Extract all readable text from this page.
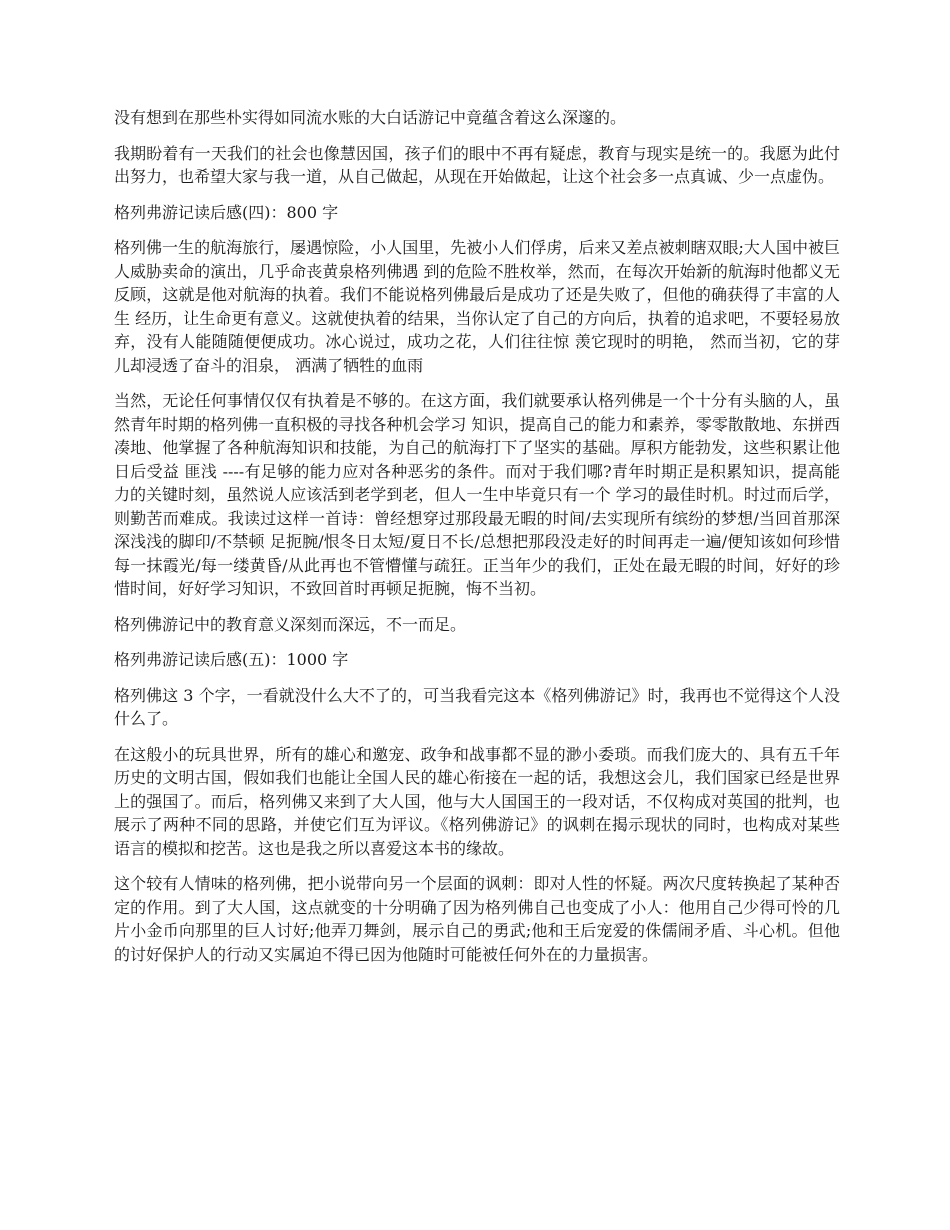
没有想到在那些朴实得如同流水账的大白话游记中竟蕴含着这么深邃的。

我期盼着有一天我们的社会也像慧因国，孩子们的眼中不再有疑虑，教育与现实是统一的。我愿为此付出努力，也希望大家与我一道，从自己做起，从现在开始做起，让这个社会多一点真诚、少一点虚伪。

格列弗游记读后感(四)：800 字

格列佛一生的航海旅行，屡遇惊险，小人国里，先被小人们俘虏，后来又差点被刺瞎双眼;大人国中被巨人威胁卖命的演出，几乎命丧黄泉格列佛遇 到的危险不胜枚举，然而，在每次开始新的航海时他都义无反顾，这就是他对航海的执着。我们不能说格列佛最后是成功了还是失败了，但他的确获得了丰富的人生 经历，让生命更有意义。这就使执着的结果，当你认定了自己的方向后，执着的追求吧，不要轻易放弃，没有人能随随便便成功。冰心说过，成功之花，人们往往惊 羡它现时的明艳， 然而当初，它的芽儿却浸透了奋斗的泪泉， 洒满了牺牲的血雨

当然，无论任何事情仅仅有执着是不够的。在这方面，我们就要承认格列佛是一个十分有头脑的人，虽然青年时期的格列佛一直积极的寻找各种机会学习 知识，提高自己的能力和素养，零零散散地、东拼西凑地、他掌握了各种航海知识和技能，为自己的航海打下了坚实的基础。厚积方能勃发，这些积累让他日后受益 匪浅 ----有足够的能力应对各种恶劣的条件。而对于我们哪?青年时期正是积累知识，提高能力的关键时刻，虽然说人应该活到老学到老，但人一生中毕竟只有一个 学习的最佳时机。时过而后学，则勤苦而难成。我读过这样一首诗：曾经想穿过那段最无暇的时间/去实现所有缤纷的梦想/当回首那深深浅浅的脚印/不禁顿 足扼腕/恨冬日太短/夏日不长/总想把那段没走好的时间再走一遍/便知该如何珍惜每一抹霞光/每一缕黄昏/从此再也不管懵懂与疏狂。正当年少的我们，正处在最无暇的时间，好好的珍惜时间，好好学习知识，不致回首时再顿足扼腕，悔不当初。

格列佛游记中的教育意义深刻而深远，不一而足。

格列弗游记读后感(五)：1000 字

格列佛这 3 个字，一看就没什么大不了的，可当我看完这本《格列佛游记》时，我再也不觉得这个人没什么了。

在这般小的玩具世界，所有的雄心和邀宠、政争和战事都不显的渺小委琐。而我们庞大的、具有五千年历史的文明古国，假如我们也能让全国人民的雄心衔接在一起的话，我想这会儿，我们国家已经是世界上的强国了。而后，格列佛又来到了大人国，他与大人国国王的一段对话，不仅构成对英国的批判，也展示了两种不同的思路，并使它们互为评议。《格列佛游记》的讽刺在揭示现状的同时，也构成对某些语言的模拟和挖苦。这也是我之所以喜爱这本书的缘故。

这个较有人情味的格列佛，把小说带向另一个层面的讽刺：即对人性的怀疑。两次尺度转换起了某种否定的作用。到了大人国，这点就变的十分明确了因为格列佛自己也变成了小人：他用自己少得可怜的几片小金币向那里的巨人讨好;他弄刀舞剑，展示自己的勇武;他和王后宠爱的侏儒闹矛盾、斗心机。但他的讨好保护人的行动又实属迫不得已因为他随时可能被任何外在的力量损害。
